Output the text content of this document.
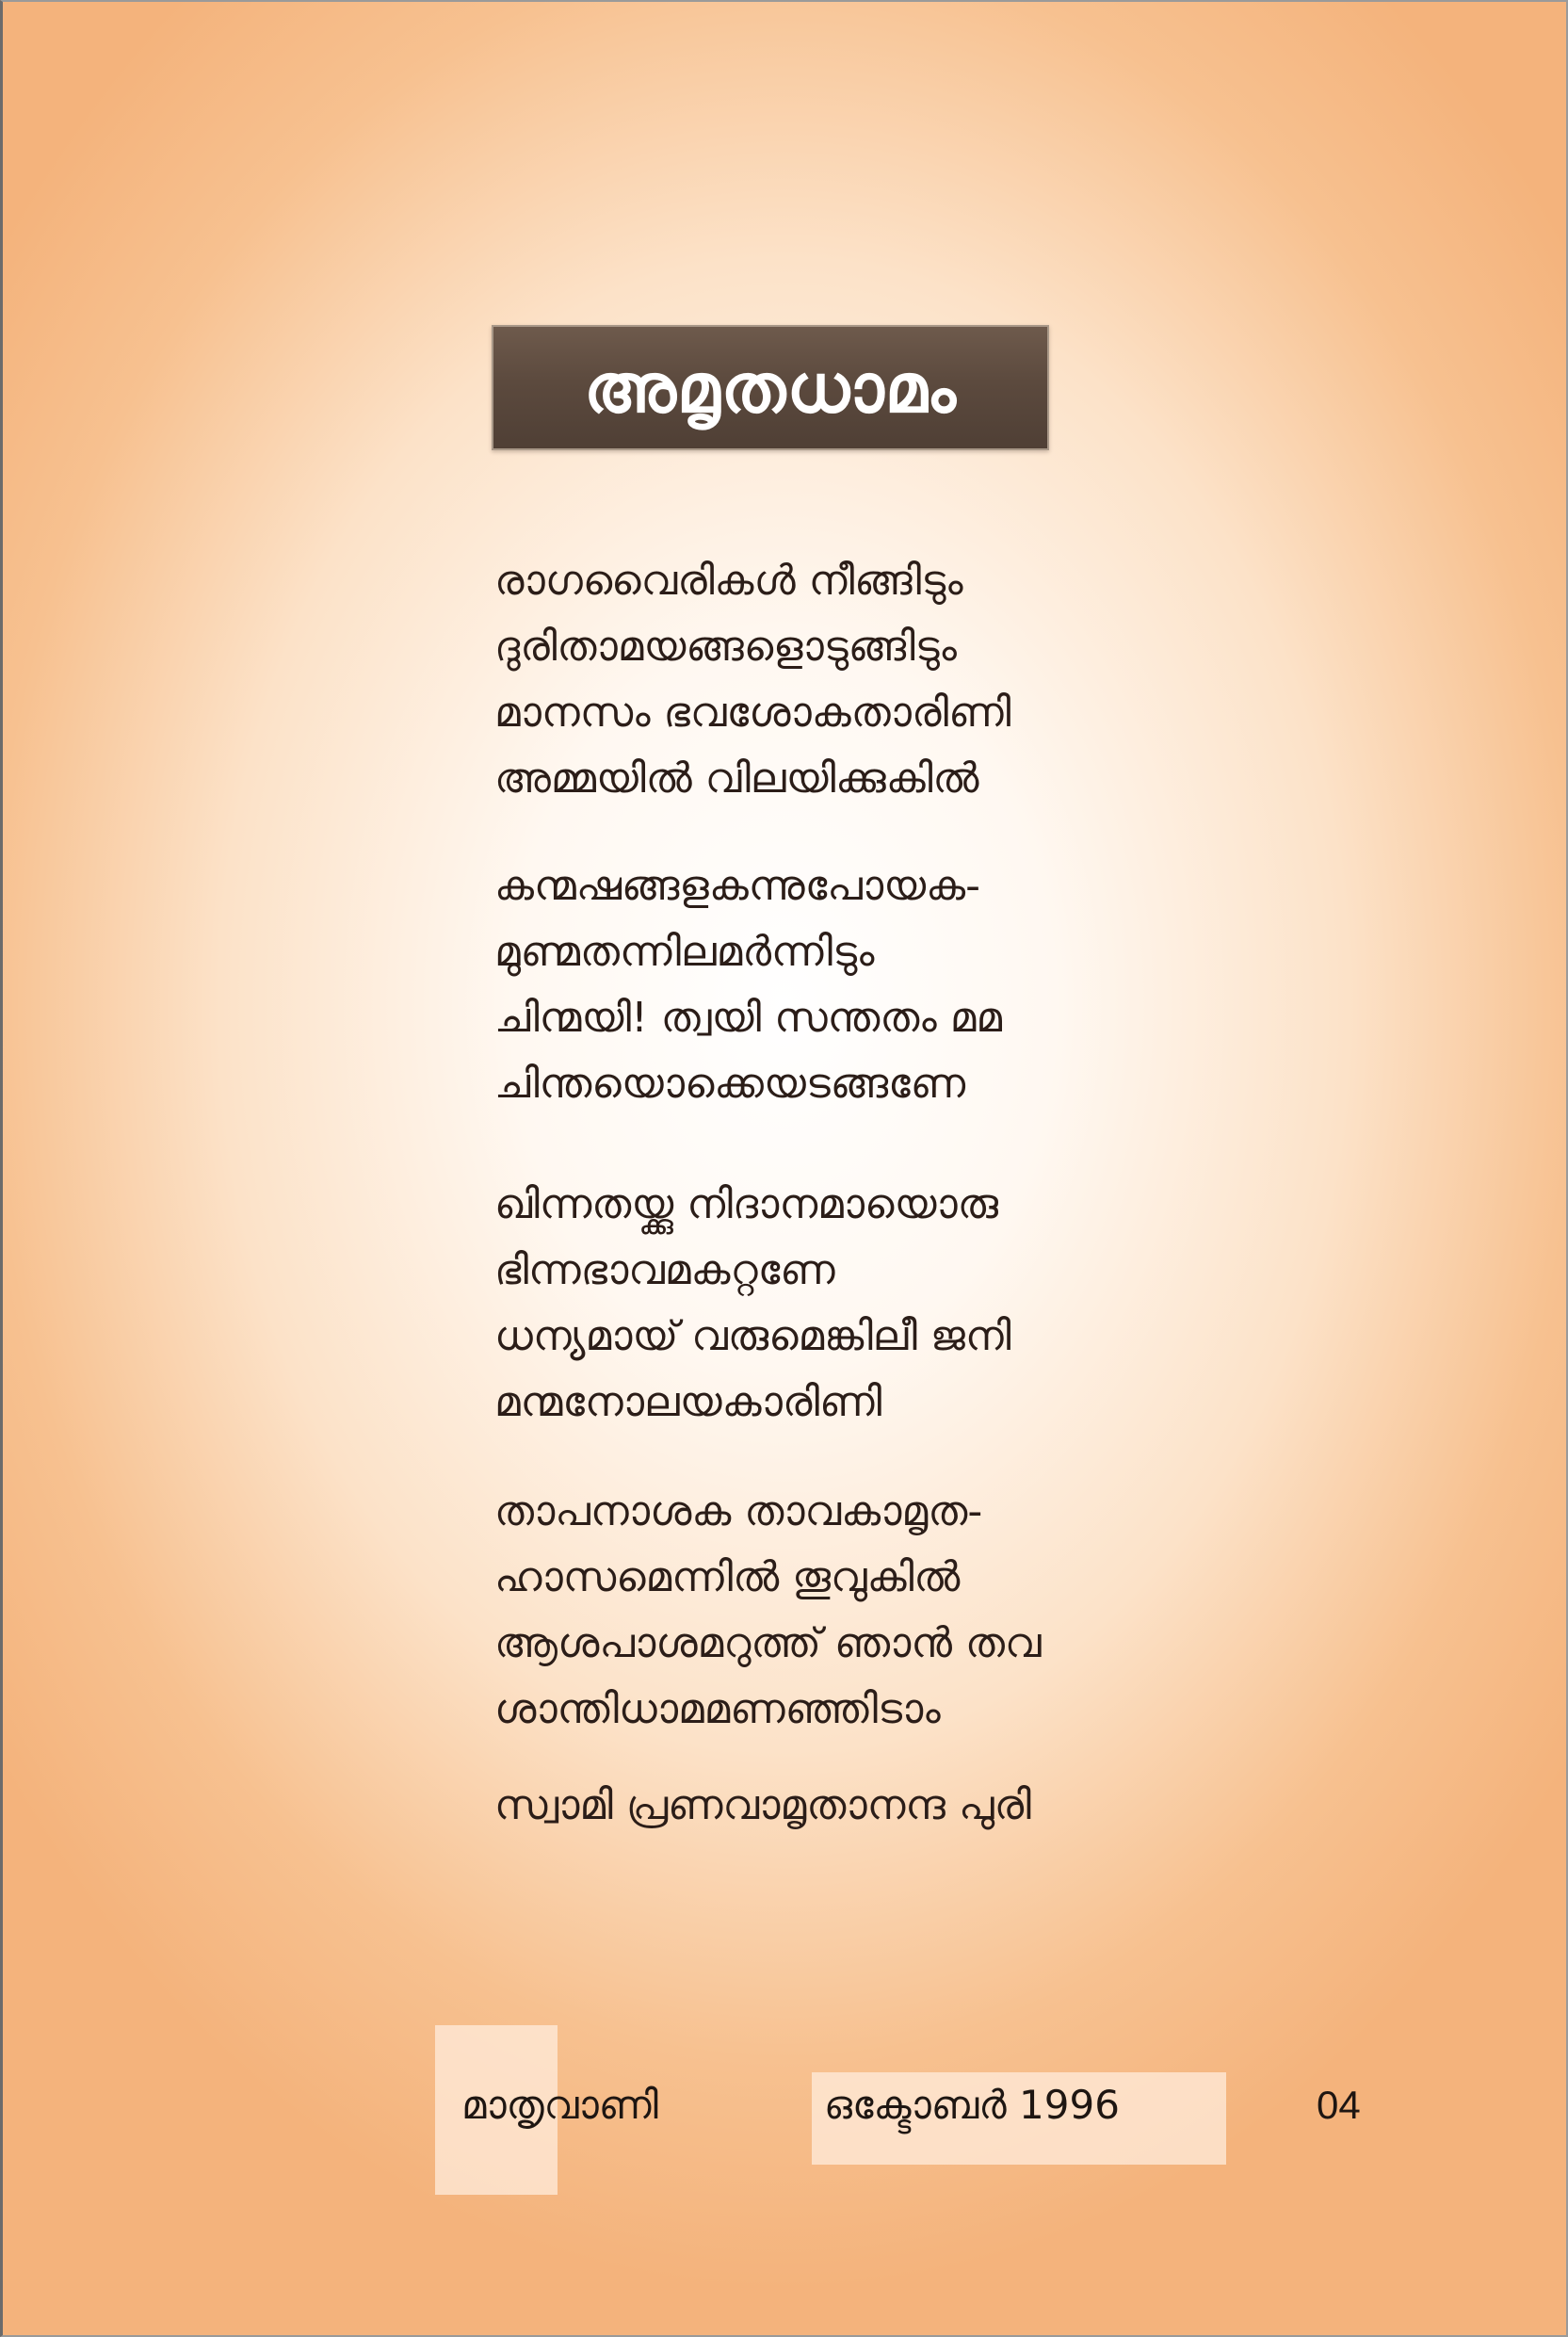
അമൃതധാമം
രാഗവൈരികൾ നീങ്ങിടും
ദുരിതാമയങ്ങളൊടുങ്ങിടും
മാനസം ഭവശോകതാരിണി
അമ്മയിൽ വിലയിക്കുകിൽ
കന്മഷങ്ങളകന്നുപോയക-
മുണ്മതന്നിലമർന്നിടും
ചിന്മയി! ത്വയി സന്തതം മമ
ചിന്തയൊക്കെയടങ്ങണേ
ഖിന്നതയ്ക്കു നിദാനമായൊരു
ഭിന്നഭാവമകറ്റണേ
ധന്യമായ് വരുമെങ്കിലീ ജനി
മന്മനോലയകാരിണി
താപനാശക താവകാമൃത-
ഹാസമെന്നിൽ തൂവുകിൽ
ആശപാശമറുത്ത് ഞാൻ തവ
ശാന്തിധാമമണഞ്ഞിടാം
സ്വാമി പ്രണവാമൃതാനന്ദ പുരി
മാതൃവാണി	ഒക്ടോബർ 1996	04
